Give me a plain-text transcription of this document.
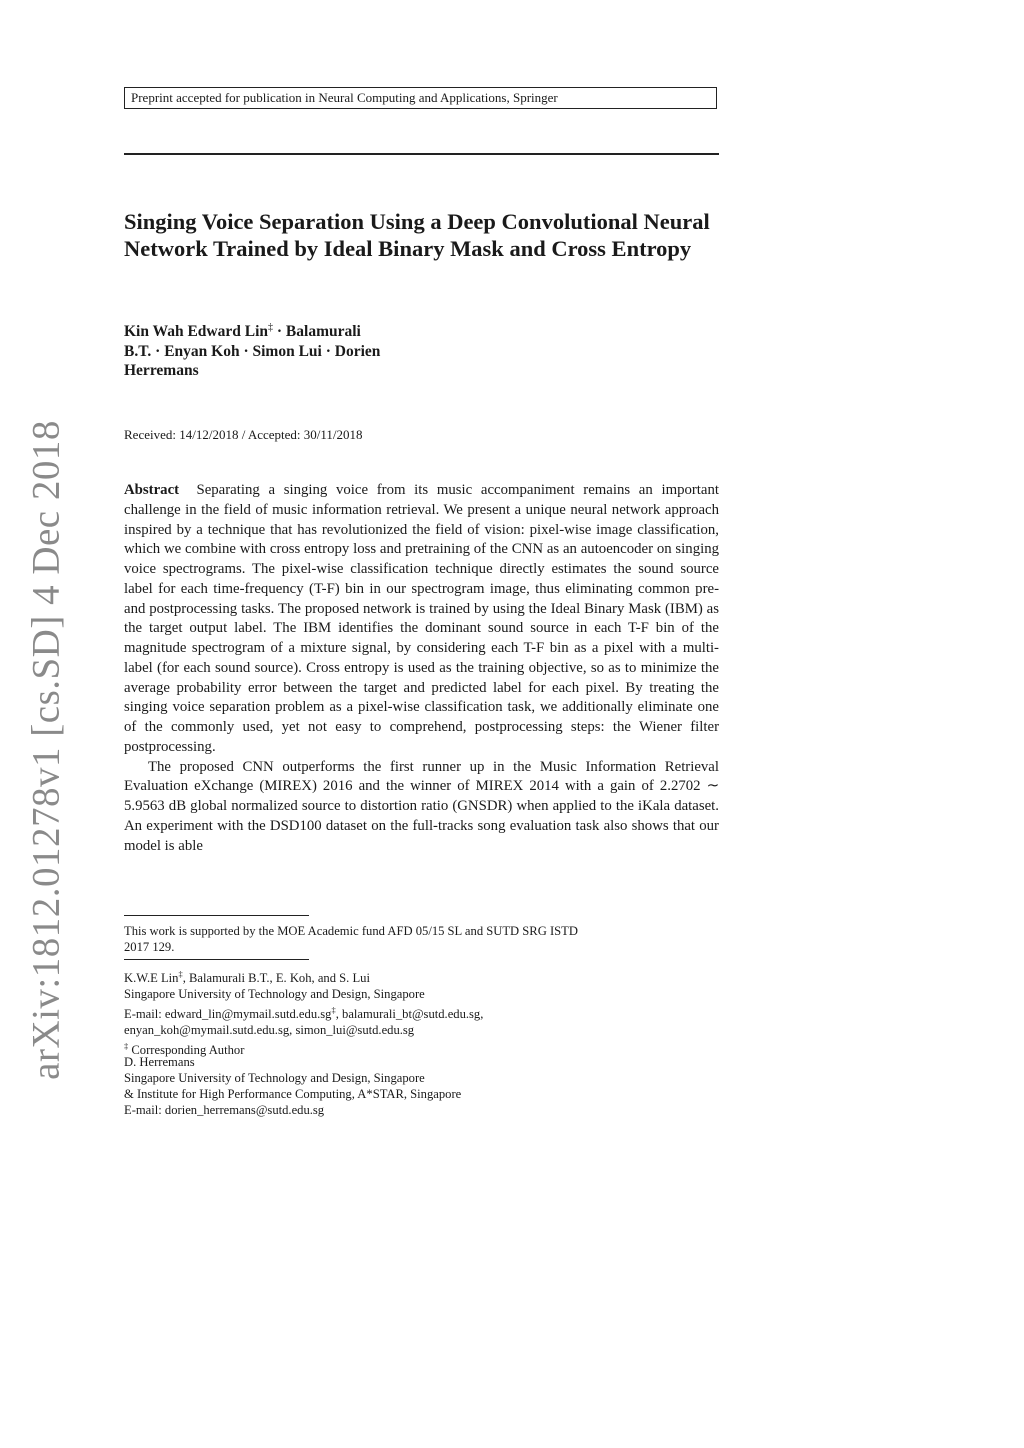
arXiv:1812.01278v1 [cs.SD] 4 Dec 2018
Preprint accepted for publication in Neural Computing and Applications, Springer
Singing Voice Separation Using a Deep Convolutional Neural Network Trained by Ideal Binary Mask and Cross Entropy
Kin Wah Edward Lin‡ · Balamurali
B.T. · Enyan Koh · Simon Lui · Dorien
Herremans
Received: 14/12/2018 / Accepted: 30/11/2018

Abstract Separating a singing voice from its music accompaniment remains an important challenge in the field of music information retrieval. We present a unique neural network approach inspired by a technique that has revolutionized the field of vision: pixel-wise image classification, which we combine with cross entropy loss and pretraining of the CNN as an autoencoder on singing voice spectrograms. The pixel-wise classification technique directly estimates the sound source label for each time-frequency (T-F) bin in our spectrogram image, thus eliminating common pre- and postprocessing tasks. The proposed network is trained by using the Ideal Binary Mask (IBM) as the target output label. The IBM identifies the dominant sound source in each T-F bin of the magnitude spectrogram of a mixture signal, by considering each T-F bin as a pixel with a multi-label (for each sound source). Cross entropy is used as the training objective, so as to minimize the average probability error between the target and predicted label for each pixel. By treating the singing voice separation problem as a pixel-wise classification task, we additionally eliminate one of the commonly used, yet not easy to comprehend, postprocessing steps: the Wiener filter postprocessing.

The proposed CNN outperforms the first runner up in the Music Information Retrieval Evaluation eXchange (MIREX) 2016 and the winner of MIREX 2014 with a gain of 2.2702 ∼ 5.9563 dB global normalized source to distortion ratio (GNSDR) when applied to the iKala dataset. An experiment with the DSD100 dataset on the full-tracks song evaluation task also shows that our model is able

This work is supported by the MOE Academic fund AFD 05/15 SL and SUTD SRG ISTD
2017 129.
K.W.E Lin‡, Balamurali B.T., E. Koh, and S. Lui
Singapore University of Technology and Design, Singapore
E-mail: edward_lin@mymail.sutd.edu.sg‡, balamurali_bt@sutd.edu.sg,
enyan_koh@mymail.sutd.edu.sg, simon_lui@sutd.edu.sg
‡ Corresponding Author
D. Herremans
Singapore University of Technology and Design, Singapore
& Institute for High Performance Computing, A*STAR, Singapore
E-mail: dorien_herremans@sutd.edu.sg
